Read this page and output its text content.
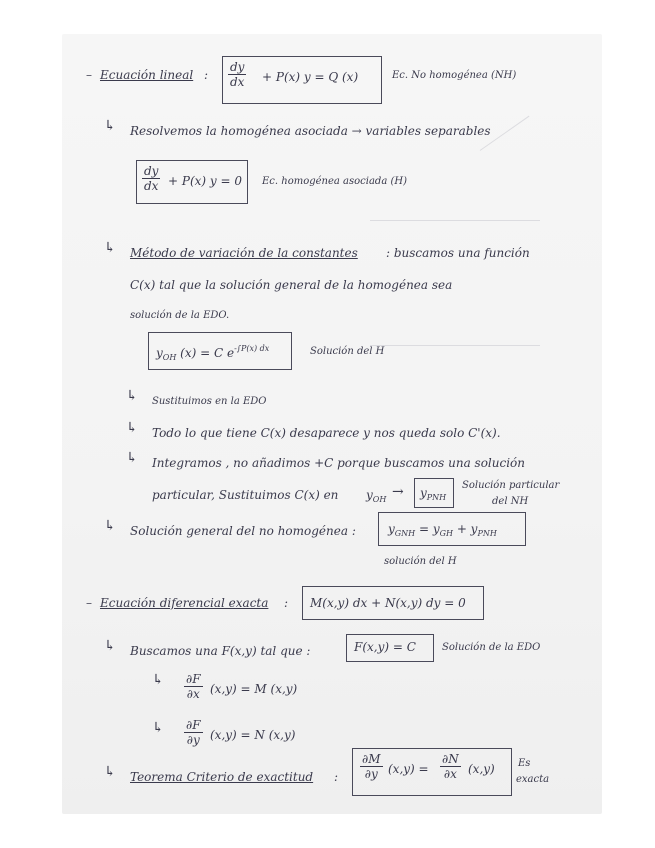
– Ecuación lineal : $\frac{dy}{dx} + P(x) y = Q$ (x)	Ec. No homogénea (NH)
↳ Resolvemos la homogénea asociada → variables separables
$\frac{dy}{dx} + P(x) y = 0$ Ec. homogénea asociada (H)
↳ Método de variación de la constantes : buscamos una función
C(x) tal que la solución general de la homogénea sea
solución de la EDO.
$y_{OH}$ (x) = C $e^{-\int P(x) dx}$	Solución del H
↳ Sustituimos en la EDO
↳ Todo lo que tiene C(x) desaparece y nos queda solo C'(x).
↳ Integramos , no añadimos +C porque buscamos una solución
particular, Sustituimos C(x) en $y_{OH} \to y_{PNH}$
Solución particular
del NH
↳ Solución general del no homogénea :	$y_{GNH} = y_{GH} + y_{PNH}$
solución del H
– Ecuación diferencial exacta : M(x,y) dx + N(x,y) dy = 0
↳ Buscamos una F(x,y) tal que :	F(x,y) = C	Solución de la EDO
↳ $\frac{\partial F}{\partial x} (x,y) = M$ (x,y)
↳ $\frac{\partial F}{\partial y} (x,y) = N$ (x,y)
↳ Teorema Criterio de exactitud : $\frac{\partial M}{\partial y} (x,y) = \frac{\partial N}{\partial x} (x,y)$ Es
exacta
